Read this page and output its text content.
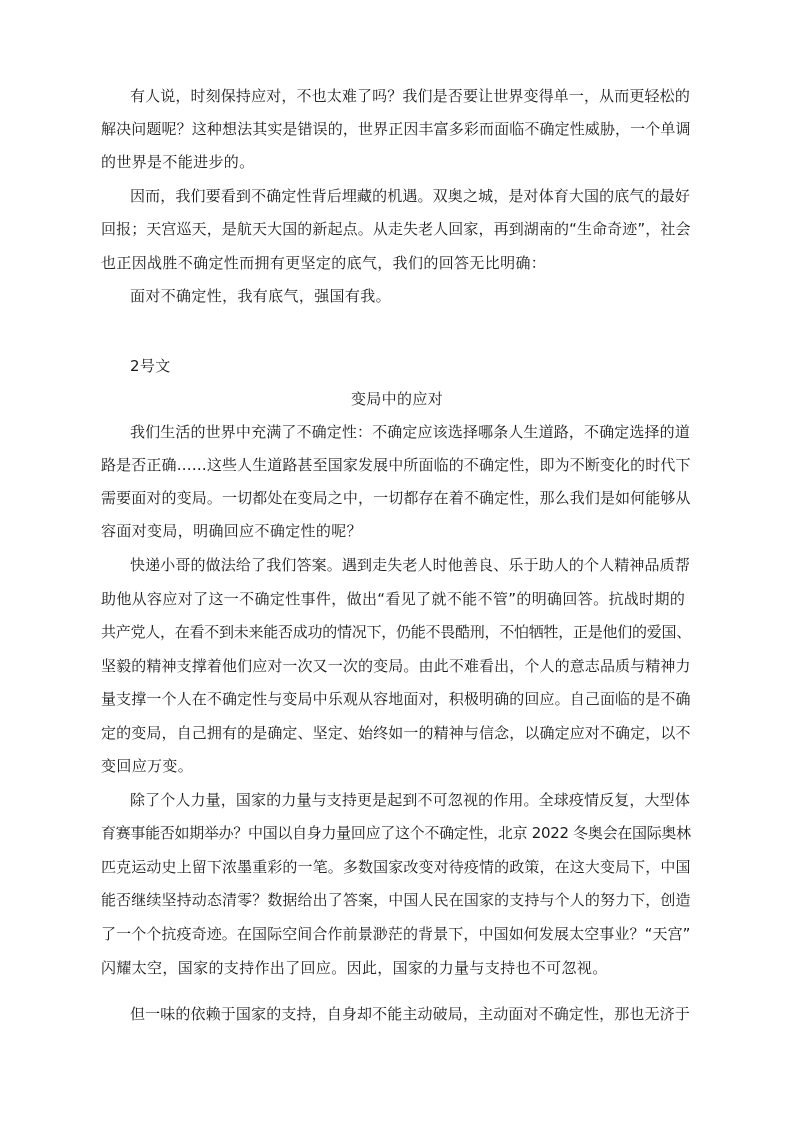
有人说，时刻保持应对，不也太难了吗？我们是否要让世界变得单一，从而更轻松的
解决问题呢？这种想法其实是错误的，世界正因丰富多彩而面临不确定性威胁，一个单调
的世界是不能进步的。
因而，我们要看到不确定性背后埋藏的机遇。双奥之城，是对体育大国的底气的最好
回报；天宫巡天，是航天大国的新起点。从走失老人回家，再到湖南的“生命奇迹”，社会
也正因战胜不确定性而拥有更坚定的底气，我们的回答无比明确：
面对不确定性，我有底气，强国有我。
2号文
变局中的应对
我们生活的世界中充满了不确定性：不确定应该选择哪条人生道路，不确定选择的道
路是否正确……这些人生道路甚至国家发展中所面临的不确定性，即为不断变化的时代下
需要面对的变局。一切都处在变局之中，一切都存在着不确定性，那么我们是如何能够从
容面对变局，明确回应不确定性的呢？
快递小哥的做法给了我们答案。遇到走失老人时他善良、乐于助人的个人精神品质帮
助他从容应对了这一不确定性事件，做出“看见了就不能不管”的明确回答。抗战时期的
共产党人，在看不到未来能否成功的情况下，仍能不畏酷刑，不怕牺牲，正是他们的爱国、
坚毅的精神支撑着他们应对一次又一次的变局。由此不难看出，个人的意志品质与精神力
量支撑一个人在不确定性与变局中乐观从容地面对，积极明确的回应。自己面临的是不确
定的变局，自己拥有的是确定、坚定、始终如一的精神与信念，以确定应对不确定，以不
变回应万变。
除了个人力量，国家的力量与支持更是起到不可忽视的作用。全球疫情反复，大型体
育赛事能否如期举办？中国以自身力量回应了这个不确定性，北京 2022 冬奥会在国际奥林
匹克运动史上留下浓墨重彩的一笔。多数国家改变对待疫情的政策，在这大变局下，中国
能否继续坚持动态清零？数据给出了答案，中国人民在国家的支持与个人的努力下，创造
了一个个抗疫奇迹。在国际空间合作前景渺茫的背景下，中国如何发展太空事业？“天宫”
闪耀太空，国家的支持作出了回应。因此，国家的力量与支持也不可忽视。
但一味的依赖于国家的支持，自身却不能主动破局，主动面对不确定性，那也无济于
